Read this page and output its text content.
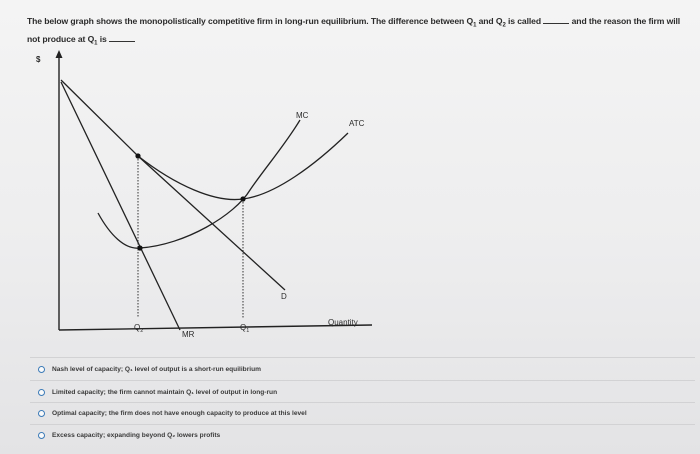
The below graph shows the monopolistically competitive firm in long-run equilibrium. The difference between $Q_1$ and $Q_2$ is called	and the reason the firm will
not produce at $Q_1$ is
$
Quantity
D
MR
ATC
MC
$Q_2$	$Q_1$
Nash level of capacity; Q₁ level of output is a short-run equilibrium
Limited capacity; the firm cannot maintain Q₁ level of output in long-run
Optimal capacity; the firm does not have enough capacity to produce at this level
Excess capacity; expanding beyond Q₂ lowers profits
